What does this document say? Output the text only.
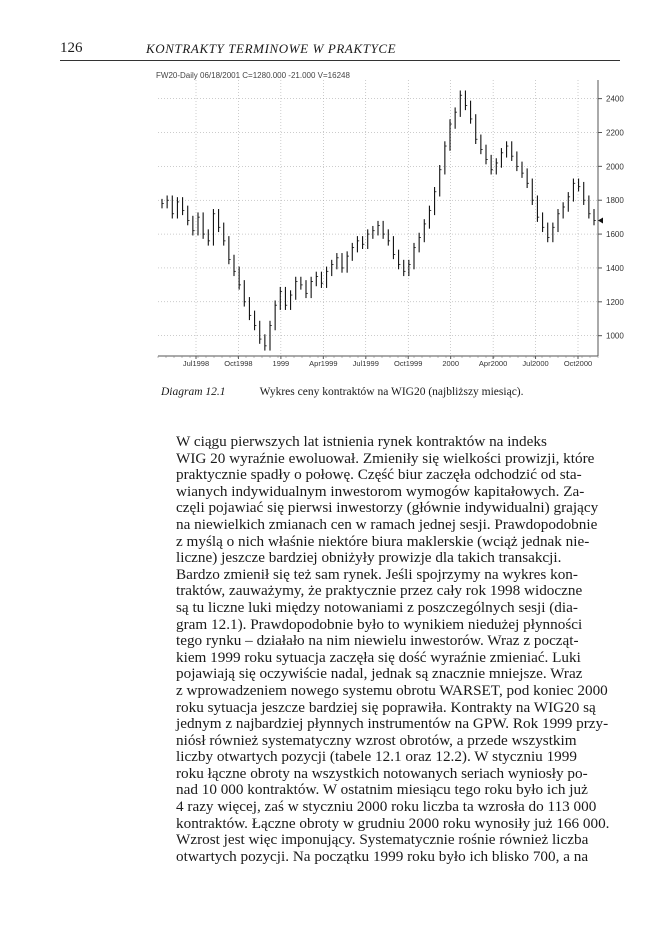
126	KONTRAKTY TERMINOWE W PRAKTYCE
FW20-Daily 06/18/2001 C=1280.000 -21.000 V=16248
1000
1200
1400
1600
1800
2000
2200
2400
Jul1998 Oct1998	1999	Apr1999 Jul1999 Oct1999	2000	Apr2000 Jul2000 Oct2000
Diagram 12.1	Wykres ceny kontraktów na WIG20 (najbliższy miesiąc).

W ciągu pierwszych lat istnienia rynek kontraktów na indeks
WIG 20 wyraźnie ewoluował. Zmieniły się wielkości prowizji, które
praktycznie spadły o połowę. Część biur zaczęła odchodzić od sta-
wianych indywidualnym inwestorom wymogów kapitałowych. Za-
częli pojawiać się pierwsi inwestorzy (głównie indywidualni) grający
na niewielkich zmianach cen w ramach jednej sesji. Prawdopodobnie
z myślą o nich właśnie niektóre biura maklerskie (wciąż jednak nie-
liczne) jeszcze bardziej obniżyły prowizje dla takich transakcji.

Bardzo zmienił się też sam rynek. Jeśli spojrzymy na wykres kon-
traktów, zauważymy, że praktycznie przez cały rok 1998 widoczne
są tu liczne luki między notowaniami z poszczególnych sesji (dia-
gram 12.1). Prawdopodobnie było to wynikiem niedużej płynności
tego rynku – działało na nim niewielu inwestorów. Wraz z począt-
kiem 1999 roku sytuacja zaczęła się dość wyraźnie zmieniać. Luki
pojawiają się oczywiście nadal, jednak są znacznie mniejsze. Wraz
z wprowadzeniem nowego systemu obrotu WARSET, pod koniec 2000
roku sytuacja jeszcze bardziej się poprawiła. Kontrakty na WIG20 są
jednym z najbardziej płynnych instrumentów na GPW. Rok 1999 przy-
niósł również systematyczny wzrost obrotów, a przede wszystkim
liczby otwartych pozycji (tabele 12.1 oraz 12.2). W styczniu 1999
roku łączne obroty na wszystkich notowanych seriach wyniosły po-
nad 10 000 kontraktów. W ostatnim miesiącu tego roku było ich już
4 razy więcej, zaś w styczniu 2000 roku liczba ta wzrosła do 113 000
kontraktów. Łączne obroty w grudniu 2000 roku wynosiły już 166 000.
Wzrost jest więc imponujący. Systematycznie rośnie również liczba
otwartych pozycji. Na początku 1999 roku było ich blisko 700, a na
